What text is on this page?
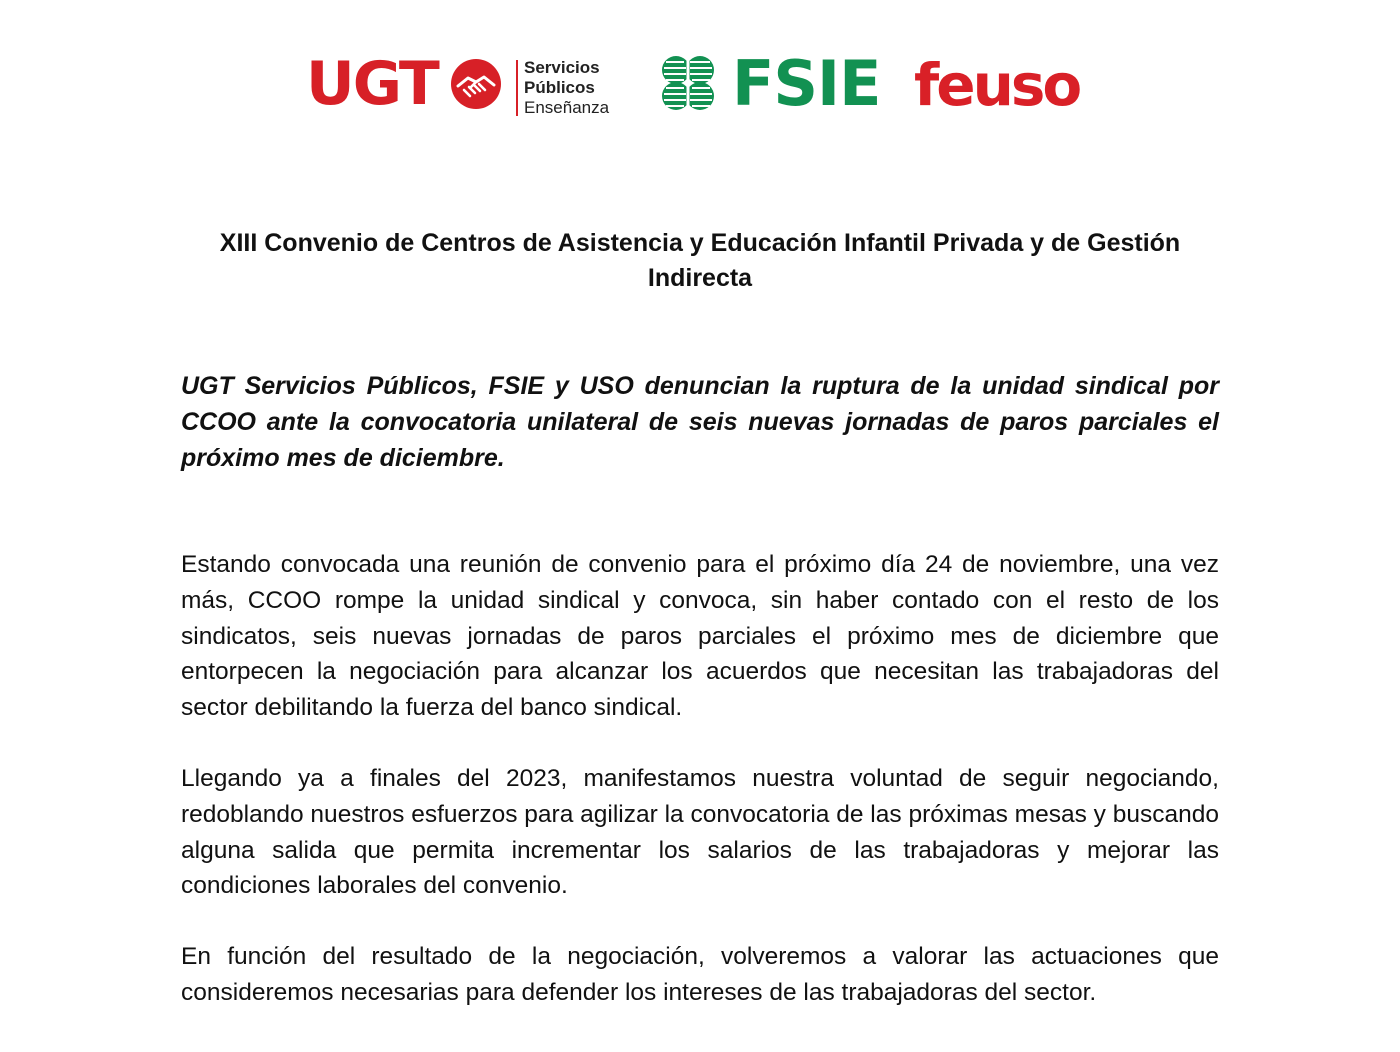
UGT	Servicios
Públicos
Enseñanza FSIE feuso
XIII Convenio de Centros de Asistencia y Educación Infantil Privada y de Gestión Indirecta

UGT Servicios Públicos, FSIE y USO denuncian la ruptura de la unidad sindical por CCOO ante la convocatoria unilateral de seis nuevas jornadas de paros parciales el próximo mes de diciembre.

Estando convocada una reunión de convenio para el próximo día 24 de noviembre, una vez más, CCOO rompe la unidad sindical y convoca, sin haber contado con el resto de los sindicatos, seis nuevas jornadas de paros parciales el próximo mes de diciembre que entorpecen la negociación para alcanzar los acuerdos que necesitan las trabajadoras del sector debilitando la fuerza del banco sindical.

Llegando ya a finales del 2023, manifestamos nuestra voluntad de seguir negociando, redoblando nuestros esfuerzos para agilizar la convocatoria de las próximas mesas y buscando alguna salida que permita incrementar los salarios de las trabajadoras y mejorar las condiciones laborales del convenio.

En función del resultado de la negociación, volveremos a valorar las actuaciones que consideremos necesarias para defender los intereses de las trabajadoras del sector.
